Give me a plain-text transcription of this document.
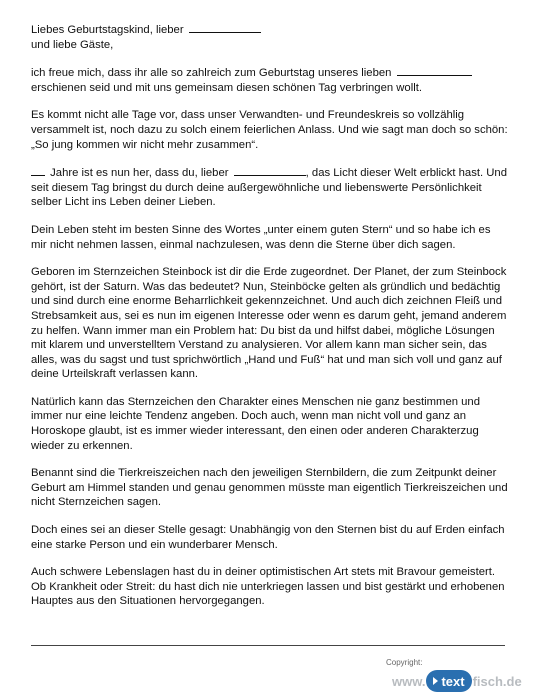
Liebes Geburtstagskind, lieber
und liebe Gäste,

ich freue mich, dass ihr alle so zahlreich zum Geburtstag unseres lieben
erschienen seid und mit uns gemeinsam diesen schönen Tag verbringen wollt.

Es kommt nicht alle Tage vor, dass unser Verwandten- und Freundeskreis so vollzählig versammelt ist, noch dazu zu solch einem feierlichen Anlass. Und wie sagt man doch so schön: „So jung kommen wir nicht mehr zusammen“.

Jahre ist es nun her, dass du, lieber	, das Licht dieser Welt erblickt hast. Und seit diesem Tag bringst du durch deine außergewöhnliche und liebenswerte Persönlichkeit selber Licht ins Leben deiner Lieben.

Dein Leben steht im besten Sinne des Wortes „unter einem guten Stern“ und so habe ich es mir nicht nehmen lassen, einmal nachzulesen, was denn die Sterne über dich sagen.

Geboren im Sternzeichen Steinbock ist dir die Erde zugeordnet. Der Planet, der zum Steinbock gehört, ist der Saturn. Was das bedeutet? Nun, Steinböcke gelten als gründlich und bedächtig und sind durch eine enorme Beharrlichkeit gekennzeichnet. Und auch dich zeichnen Fleiß und Strebsamkeit aus, sei es nun im eigenen Interesse oder wenn es darum geht, jemand anderem zu helfen. Wann immer man ein Problem hat: Du bist da und hilfst dabei, mögliche Lösungen mit klarem und unverstelltem Verstand zu analysieren. Vor allem kann man sicher sein, das alles, was du sagst und tust sprichwörtlich „Hand und Fuß“ hat und man sich voll und ganz auf deine Urteilskraft verlassen kann.

Natürlich kann das Sternzeichen den Charakter eines Menschen nie ganz bestimmen und immer nur eine leichte Tendenz angeben. Doch auch, wenn man nicht voll und ganz an Horoskope glaubt, ist es immer wieder interessant, den einen oder anderen Charakterzug wieder zu erkennen.

Benannt sind die Tierkreiszeichen nach den jeweiligen Sternbildern, die zum Zeitpunkt deiner Geburt am Himmel standen und genau genommen müsste man eigentlich Tierkreiszeichen und nicht Sternzeichen sagen.

Doch eines sei an dieser Stelle gesagt: Unabhängig von den Sternen bist du auf Erden einfach eine starke Person und ein wunderbarer Mensch.

Auch schwere Lebenslagen hast du in deiner optimistischen Art stets mit Bravour gemeistert. Ob Krankheit oder Streit: du hast dich nie unterkriegen lassen und bist gestärkt und erhobenen Hauptes aus den Situationen hervorgegangen.

Copyright:
www. text fisch.de
